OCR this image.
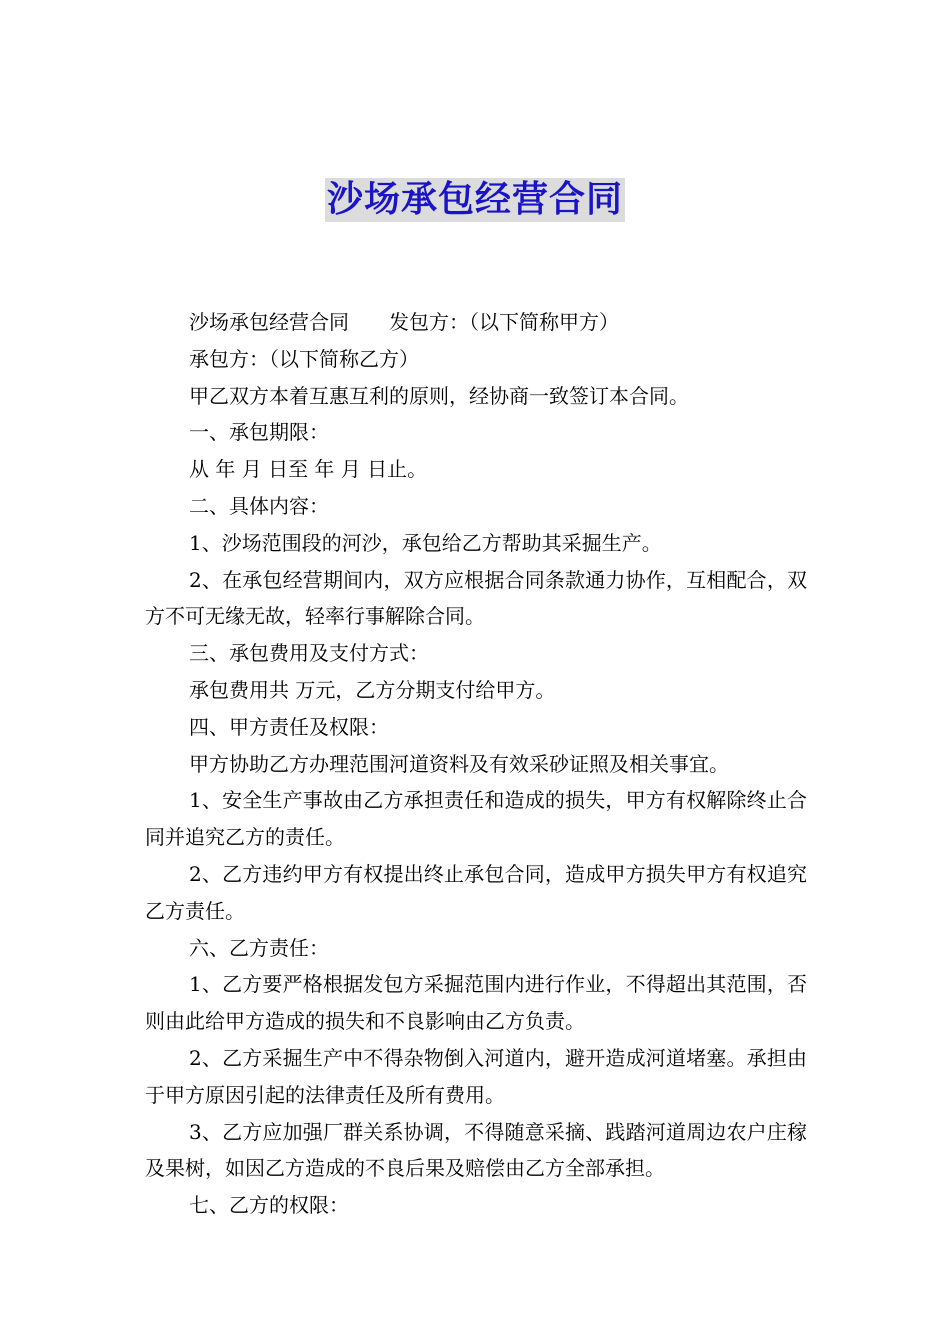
沙场承包经营合同

沙场承包经营合同　　发包方：（以下简称甲方）

承包方：（以下简称乙方）

甲乙双方本着互惠互利的原则，经协商一致签订本合同。

一、承包期限：

从 年 月 日至 年 月 日止。

二、具体内容：

1、沙场范围段的河沙，承包给乙方帮助其采掘生产。

2、在承包经营期间内，双方应根据合同条款通力协作，互相配合，双方不可无缘无故，轻率行事解除合同。

三、承包费用及支付方式：

承包费用共 万元，乙方分期支付给甲方。

四、甲方责任及权限：

甲方协助乙方办理范围河道资料及有效采砂证照及相关事宜。

1、安全生产事故由乙方承担责任和造成的损失，甲方有权解除终止合同并追究乙方的责任。

2、乙方违约甲方有权提出终止承包合同，造成甲方损失甲方有权追究乙方责任。

六、乙方责任：

1、乙方要严格根据发包方采掘范围内进行作业，不得超出其范围，否则由此给甲方造成的损失和不良影响由乙方负责。

2、乙方采掘生产中不得杂物倒入河道内，避开造成河道堵塞。承担由于甲方原因引起的法律责任及所有费用。

3、乙方应加强厂群关系协调，不得随意采摘、践踏河道周边农户庄稼及果树，如因乙方造成的不良后果及赔偿由乙方全部承担。

七、乙方的权限：
